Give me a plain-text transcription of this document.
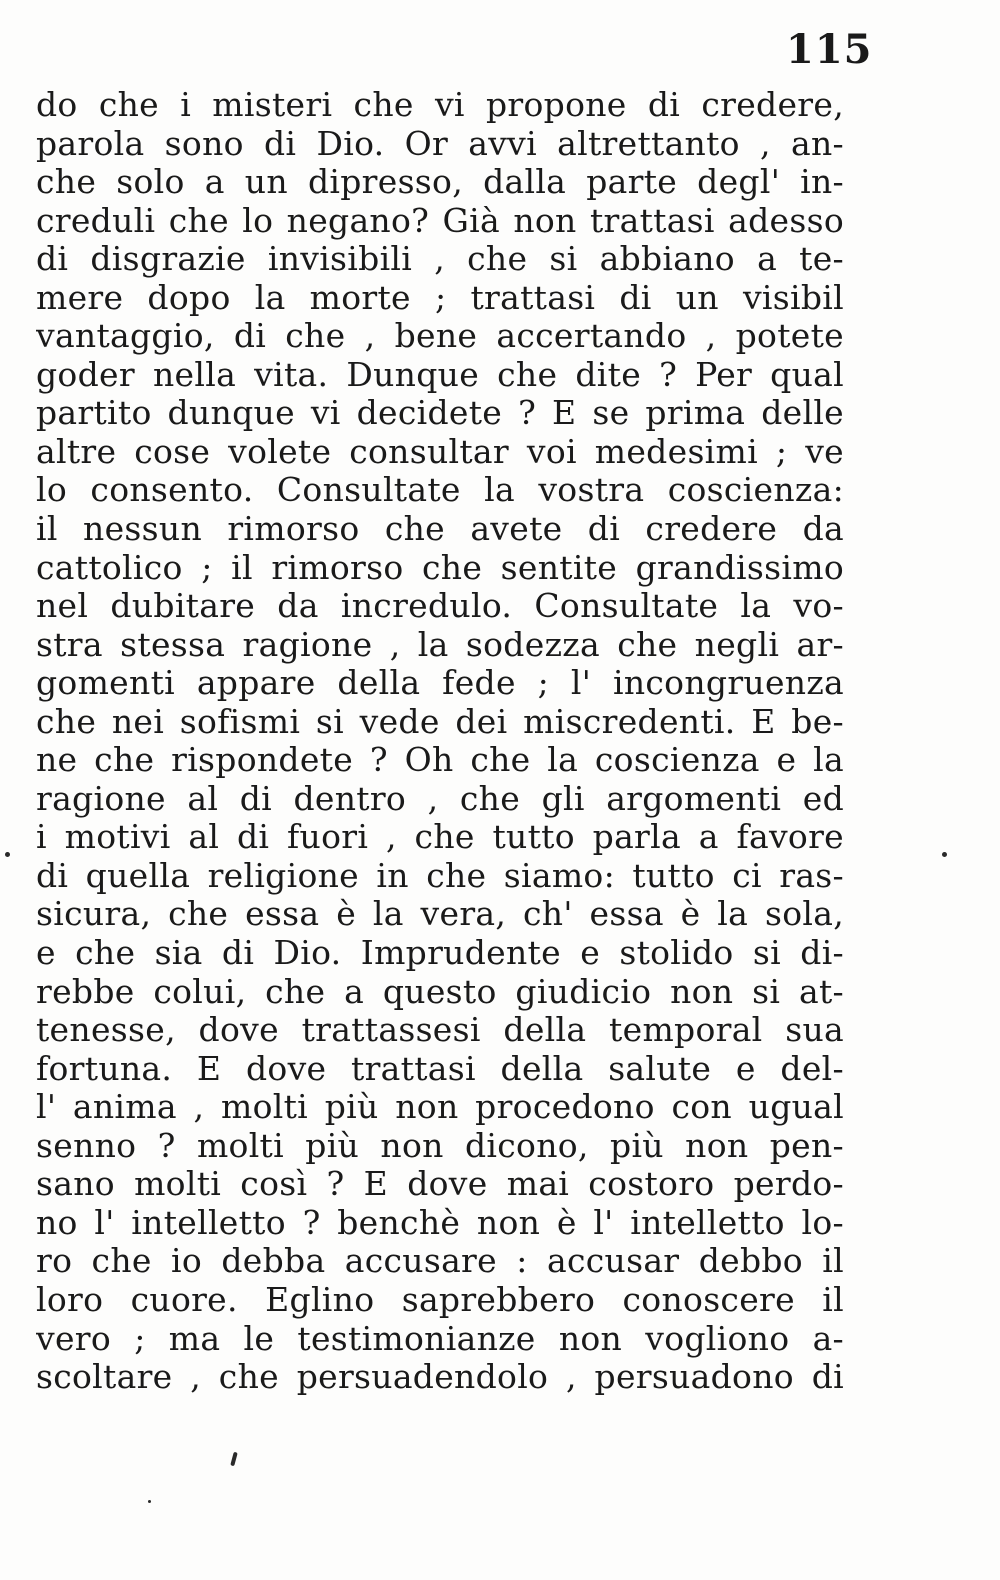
115
do che i misteri che vi propone di credere,
parola sono di Dio. Or avvi altrettanto , an-
che solo a un dipresso, dalla parte degl' in-
creduli che lo negano? Già non trattasi adesso
di disgrazie invisibili , che si abbiano a te-
mere dopo la morte ; trattasi di un visibil
vantaggio, di che , bene accertando , potete
goder nella vita. Dunque che dite ? Per qual
partito dunque vi decidete ? E se prima delle
altre cose volete consultar voi medesimi ; ve
lo consento. Consultate la vostra coscienza:
il nessun rimorso che avete di credere da
cattolico ; il rimorso che sentite grandissimo
nel dubitare da incredulo. Consultate la vo-
stra stessa ragione , la sodezza che negli ar-
gomenti appare della fede ; l' incongruenza
che nei sofismi si vede dei miscredenti. E be-
ne che rispondete ? Oh che la coscienza e la
ragione al di dentro , che gli argomenti ed
i motivi al di fuori , che tutto parla a favore
di quella religione in che siamo: tutto ci ras-
sicura, che essa è la vera, ch' essa è la sola,
e che sia di Dio. Imprudente e stolido si di-
rebbe colui, che a questo giudicio non si at-
tenesse, dove trattassesi della temporal sua
fortuna. E dove trattasi della salute e del-
l' anima , molti più non procedono con ugual
senno ? molti più non dicono, più non pen-
sano molti così ? E dove mai costoro perdo-
no l' intelletto ? benchè non è l' intelletto lo-
ro che io debba accusare : accusar debbo il
loro cuore. Eglino saprebbero conoscere il
vero ; ma le testimonianze non vogliono a-
scoltare , che persuadendolo , persuadono di
